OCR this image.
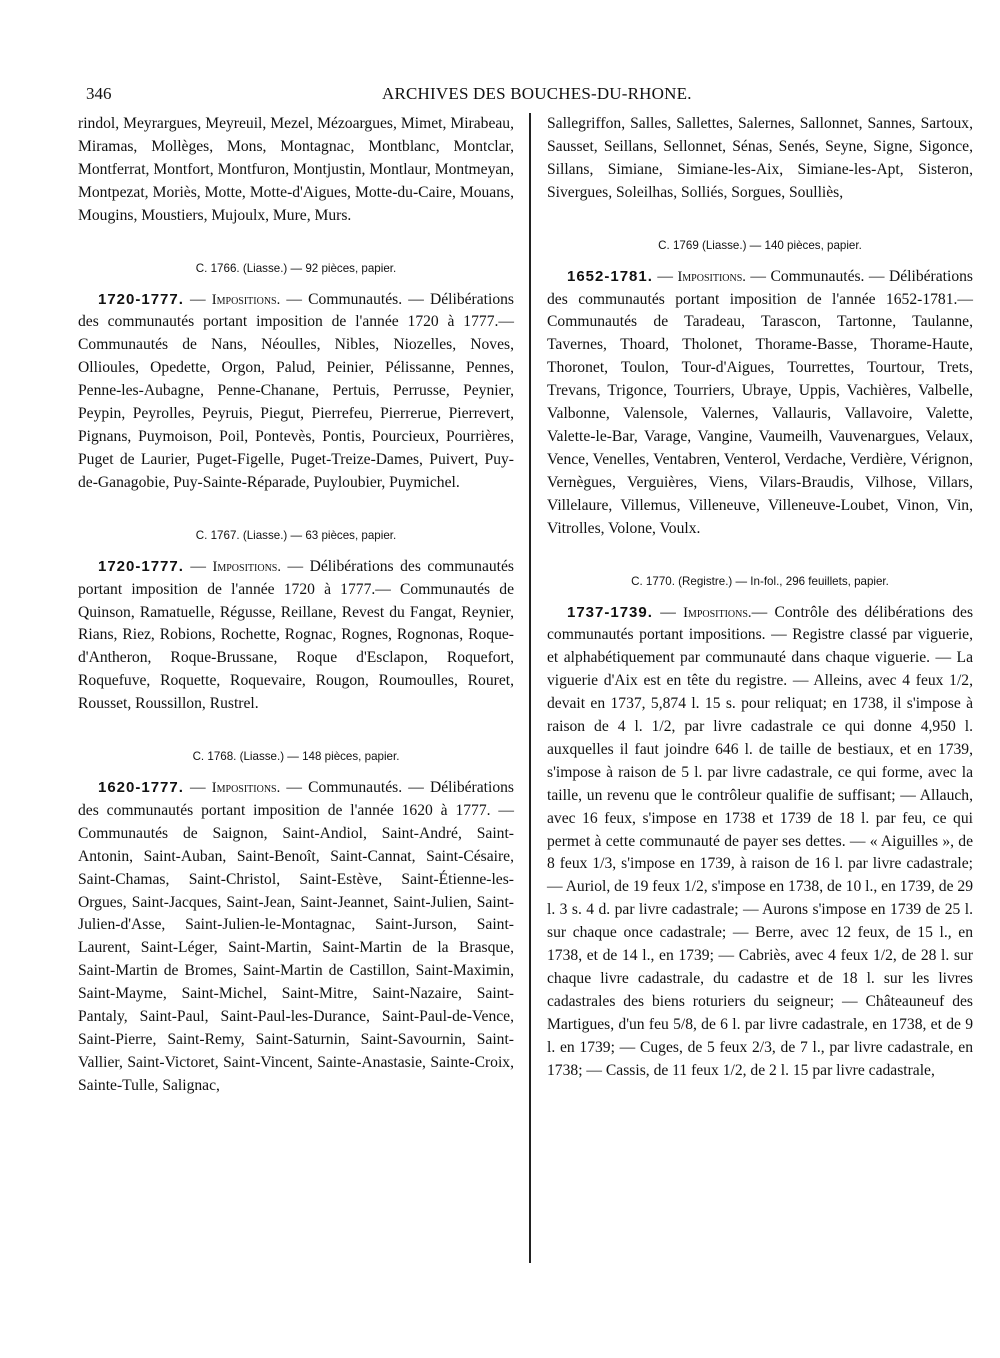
346	ARCHIVES DES BOUCHES-DU-RHONE.

rindol, Meyrargues, Meyreuil, Mezel, Mézoargues, Mimet, Mirabeau, Miramas, Mollèges, Mons, Montagnac, Montblanc, Montclar, Montferrat, Montfort, Montfuron, Montjustin, Montlaur, Montmeyan, Montpezat, Moriès, Motte, Motte-d'Aigues, Motte-du-Caire, Mouans, Mougins, Moustiers, Mujoulx, Mure, Murs.

C. 1766. (Liasse.) — 92 pièces, papier.

1720-1777. — Impositions. — Communautés. — Délibérations des communautés portant imposition de l'année 1720 à 1777.— Communautés de Nans, Néoulles, Nibles, Niozelles, Noves, Ollioules, Opedette, Orgon, Palud, Peinier, Pélissanne, Pennes, Penne-les-Aubagne, Penne-Chanane, Pertuis, Perrusse, Peynier, Peypin, Peyrolles, Peyruis, Piegut, Pierrefeu, Pierrerue, Pierrevert, Pignans, Puymoison, Poil, Pontevès, Pontis, Pourcieux, Pourrières, Puget de Laurier, Puget-Figelle, Puget-Treize-Dames, Puivert, Puy-de-Ganagobie, Puy-Sainte-Réparade, Puyloubier, Puymichel.

C. 1767. (Liasse.) — 63 pièces, papier.

1720-1777. — Impositions. — Délibérations des communautés portant imposition de l'année 1720 à 1777.— Communautés de Quinson, Ramatuelle, Régusse, Reillane, Revest du Fangat, Reynier, Rians, Riez, Robions, Rochette, Rognac, Rognes, Rognonas, Roque-d'Antheron, Roque-Brussane, Roque d'Esclapon, Roquefort, Roquefuve, Roquette, Roquevaire, Rougon, Roumoulles, Rouret, Rousset, Roussillon, Rustrel.

C. 1768. (Liasse.) — 148 pièces, papier.

1620-1777. — Impositions. — Communautés. — Délibérations des communautés portant imposition de l'année 1620 à 1777. — Communautés de Saignon, Saint-Andiol, Saint-André, Saint-Antonin, Saint-Auban, Saint-Benoît, Saint-Cannat, Saint-Césaire, Saint-Chamas, Saint-Christol, Saint-Estève, Saint-Étienne-les-Orgues, Saint-Jacques, Saint-Jean, Saint-Jeannet, Saint-Julien, Saint-Julien-d'Asse, Saint-Julien-le-Montagnac, Saint-Jurson, Saint-Laurent, Saint-Léger, Saint-Martin, Saint-Martin de la Brasque, Saint-Martin de Bromes, Saint-Martin de Castillon, Saint-Maximin, Saint-Mayme, Saint-Michel, Saint-Mitre, Saint-Nazaire, Saint-Pantaly, Saint-Paul, Saint-Paul-les-Durance, Saint-Paul-de-Vence, Saint-Pierre, Saint-Remy, Saint-Saturnin, Saint-Savournin, Saint-Vallier, Saint-Victoret, Saint-Vincent, Sainte-Anastasie, Sainte-Croix, Sainte-Tulle, Salignac,

Sallegriffon, Salles, Sallettes, Salernes, Sallonnet, Sannes, Sartoux, Sausset, Seillans, Sellonnet, Sénas, Senés, Seyne, Signe, Sigonce, Sillans, Simiane, Simiane-les-Aix, Simiane-les-Apt, Sisteron, Sivergues, Soleilhas, Solliés, Sorgues, Soulliès,

C. 1769 (Liasse.) — 140 pièces, papier.

1652-1781. — Impositions. — Communautés. — Délibérations des communautés portant imposition de l'année 1652-1781.— Communautés de Taradeau, Tarascon, Tartonne, Taulanne, Tavernes, Thoard, Tholonet, Thorame-Basse, Thorame-Haute, Thoronet, Toulon, Tour-d'Aigues, Tourrettes, Tourtour, Trets, Trevans, Trigonce, Tourriers, Ubraye, Uppis, Vachières, Valbelle, Valbonne, Valensole, Valernes, Vallauris, Vallavoire, Valette, Valette-le-Bar, Varage, Vangine, Vaumeilh, Vauvenargues, Velaux, Vence, Venelles, Ventabren, Venterol, Verdache, Verdière, Vérignon, Vernègues, Verguières, Viens, Vilars-Braudis, Vilhose, Villars, Villelaure, Villemus, Villeneuve, Villeneuve-Loubet, Vinon, Vin, Vitrolles, Volone, Voulx.

C. 1770. (Registre.) — In-fol., 296 feuillets, papier.

1737-1739. — Impositions.— Contrôle des délibérations des communautés portant impositions. — Registre classé par viguerie, et alphabétiquement par communauté dans chaque viguerie. — La viguerie d'Aix est en tête du registre. — Alleins, avec 4 feux 1/2, devait en 1737, 5,874 l. 15 s. pour reliquat; en 1738, il s'impose à raison de 4 l. 1/2, par livre cadastrale ce qui donne 4,950 l. auxquelles il faut joindre 646 l. de taille de bestiaux, et en 1739, s'impose à raison de 5 l. par livre cadastrale, ce qui forme, avec la taille, un revenu que le contrôleur qualifie de suffisant; — Allauch, avec 16 feux, s'impose en 1738 et 1739 de 18 l. par feu, ce qui permet à cette communauté de payer ses dettes. — « Aiguilles », de 8 feux 1/3, s'impose en 1739, à raison de 16 l. par livre cadastrale; — Auriol, de 19 feux 1/2, s'impose en 1738, de 10 l., en 1739, de 29 l. 3 s. 4 d. par livre cadastrale; — Aurons s'impose en 1739 de 25 l. sur chaque once cadastrale; — Berre, avec 12 feux, de 15 l., en 1738, et de 14 l., en 1739; — Cabriès, avec 4 feux 1/2, de 28 l. sur chaque livre cadastrale, du cadastre et de 18 l. sur les livres cadastrales des biens roturiers du seigneur; — Châteauneuf des Martigues, d'un feu 5/8, de 6 l. par livre cadastrale, en 1738, et de 9 l. en 1739; — Cuges, de 5 feux 2/3, de 7 l., par livre cadastrale, en 1738; — Cassis, de 11 feux 1/2, de 2 l. 15 par livre cadastrale,
